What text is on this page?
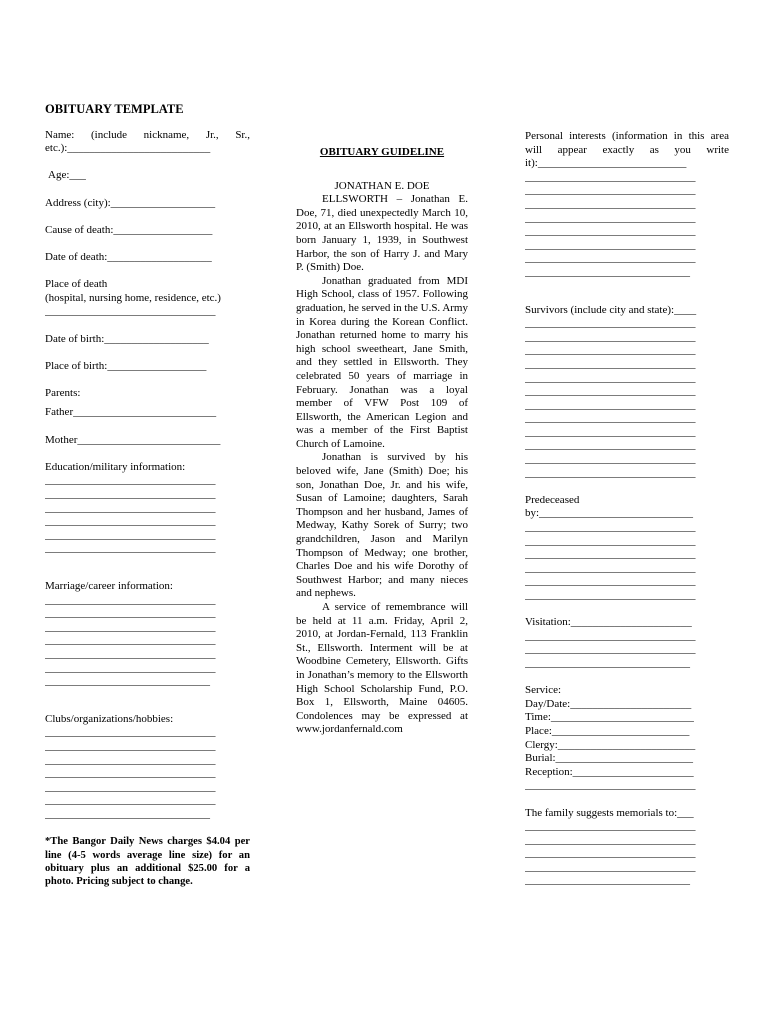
OBITUARY TEMPLATE
Name: (include nickname, Jr., Sr., etc.):__________________________
Age:___
Address (city):___________________
Cause of death:__________________
Date of death:___________________
Place of death
(hospital, nursing home, residence, etc.)
_______________________________
Date of birth:___________________
Place of birth:__________________
Parents:
Father__________________________
Mother__________________________
Education/military information:
_______________________________
_______________________________
_______________________________
_______________________________
_______________________________
_______________________________
Marriage/career information:
_______________________________
_______________________________
_______________________________
_______________________________
_______________________________
_______________________________
______________________________
Clubs/organizations/hobbies:
_______________________________
_______________________________
_______________________________
_______________________________
_______________________________
_______________________________
______________________________
*The Bangor Daily News charges $4.04 per line (4-5 words average line size) for an obituary plus an additional $25.00 for a photo. Pricing subject to change.
OBITUARY GUIDELINE
JONATHAN E. DOE

ELLSWORTH – Jonathan E. Doe, 71, died unexpectedly March 10, 2010, at an Ellsworth hospital. He was born January 1, 1939, in Southwest Harbor, the son of Harry J. and Mary P. (Smith) Doe.

Jonathan graduated from MDI High School, class of 1957. Following graduation, he served in the U.S. Army in Korea during the Korean Conflict. Jonathan returned home to marry his high school sweetheart, Jane Smith, and they settled in Ellsworth. They celebrated 50 years of marriage in February. Jonathan was a loyal member of VFW Post 109 of Ellsworth, the American Legion and was a member of the First Baptist Church of Lamoine.

Jonathan is survived by his beloved wife, Jane (Smith) Doe; his son, Jonathan Doe, Jr. and his wife, Susan of Lamoine; daughters, Sarah Thompson and her husband, James of Medway, Kathy Sorek of Surry; two grandchildren, Jason and Marilyn Thompson of Medway; one brother, Charles Doe and his wife Dorothy of Southwest Harbor; and many nieces and nephews.

A service of remembrance will be held at 11 a.m. Friday, April 2, 2010, at Jordan-Fernald, 113 Franklin St., Ellsworth. Interment will be at Woodbine Cemetery, Ellsworth. Gifts in Jonathan’s memory to the Ellsworth High School Scholarship Fund, P.O. Box 1, Ellsworth, Maine 04605. Condolences may be expressed at www.jordanfernald.com

Personal interests (information in this area will appear exactly as you write it):___________________________
_______________________________
_______________________________
_______________________________
_______________________________
_______________________________
_______________________________
_______________________________
______________________________
Survivors (include city and state):____
_______________________________
_______________________________
_______________________________
_______________________________
_______________________________
_______________________________
_______________________________
_______________________________
_______________________________
_______________________________
_______________________________
_______________________________
Predeceased
by:____________________________
_______________________________
_______________________________
_______________________________
_______________________________
_______________________________
_______________________________
Visitation:______________________
_______________________________
_______________________________
______________________________
Service:
Day/Date:______________________
Time:__________________________
Place:_________________________
Clergy:_________________________
Burial:_________________________
Reception:______________________
_______________________________
The family suggests memorials to:___
_______________________________
_______________________________
_______________________________
_______________________________
______________________________
